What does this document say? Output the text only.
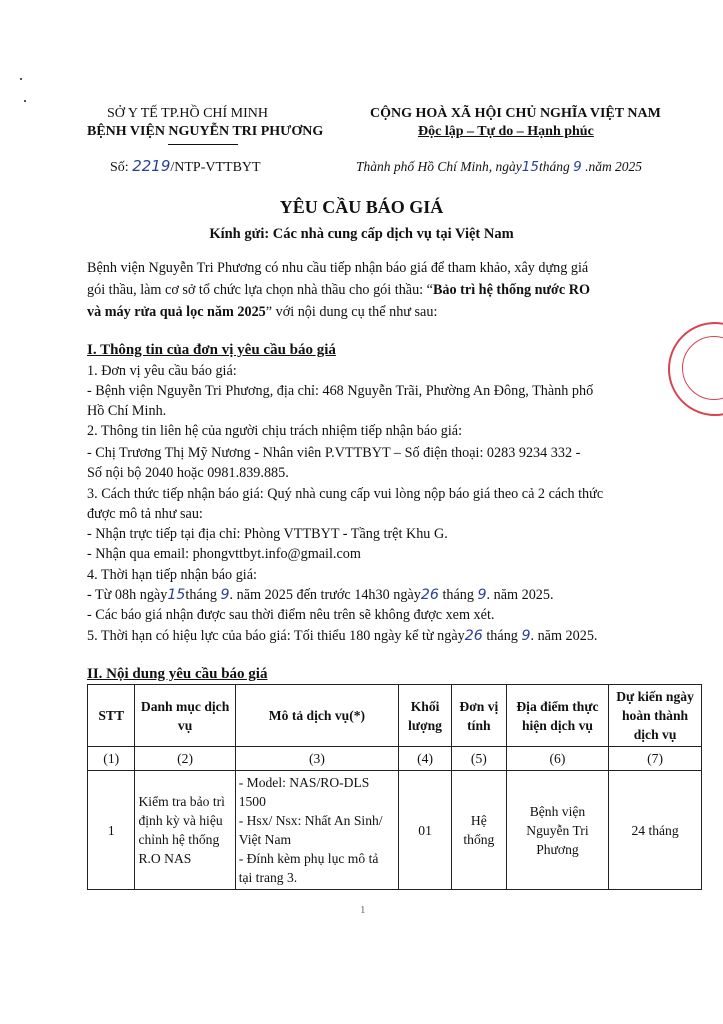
SỞ Y TẾ TP.HỒ CHÍ MINH
BỆNH VIỆN NGUYỄN TRI PHƯƠNG
CỘNG HOÀ XÃ HỘI CHỦ NGHĨA VIỆT NAM
Độc lập – Tự do – Hạnh phúc
Số: 2219/NTP-VTTBYT	Thành phố Hồ Chí Minh, ngày15tháng 9 .năm 2025
YÊU CẦU BÁO GIÁ
Kính gửi: Các nhà cung cấp dịch vụ tại Việt Nam
Bệnh viện Nguyễn Tri Phương có nhu cầu tiếp nhận báo giá để tham khảo, xây dựng giá
gói thầu, làm cơ sở tổ chức lựa chọn nhà thầu cho gói thầu: “Bảo trì hệ thống nước RO
và máy rửa quả lọc năm 2025” với nội dung cụ thể như sau:
I. Thông tin của đơn vị yêu cầu báo giá
1. Đơn vị yêu cầu báo giá:
- Bệnh viện Nguyễn Tri Phương, địa chỉ: 468 Nguyễn Trãi, Phường An Đông, Thành phố
Hồ Chí Minh.
2. Thông tin liên hệ của người chịu trách nhiệm tiếp nhận báo giá:
- Chị Trương Thị Mỹ Nương - Nhân viên P.VTTBYT – Số điện thoại: 0283 9234 332 -
Số nội bộ 2040 hoặc 0981.839.885.
3. Cách thức tiếp nhận báo giá: Quý nhà cung cấp vui lòng nộp báo giá theo cả 2 cách thức
được mô tả như sau:
- Nhận trực tiếp tại địa chỉ: Phòng VTTBYT - Tầng trệt Khu G.
- Nhận qua email: phongvttbyt.info@gmail.com
4. Thời hạn tiếp nhận báo giá:
- Từ 08h ngày15tháng 9. năm 2025 đến trước 14h30 ngày26 tháng 9. năm 2025.
- Các báo giá nhận được sau thời điểm nêu trên sẽ không được xem xét.
5. Thời hạn có hiệu lực của báo giá: Tối thiểu 180 ngày kể từ ngày26 tháng 9. năm 2025.
II. Nội dung yêu cầu báo giá
STT	Danh mục dịch vụ	Mô tả dịch vụ(*)	Khối lượng	Đơn vị tính	Địa điểm thực hiện dịch vụ	Dự kiến ngày hoàn thành dịch vụ
(1)	(2)	(3)	(4)	(5)	(6)	(7)
1	Kiểm tra bảo trì định kỳ và hiệu chỉnh hệ thống R.O NAS	- Model: NAS/RO-DLS 1500
- Hsx/ Nsx: Nhất An Sinh/ Việt Nam
- Đính kèm phụ lục mô tả tại trang 3.	01	Hệ thống	Bệnh viện Nguyễn Tri Phương	24 tháng
1
